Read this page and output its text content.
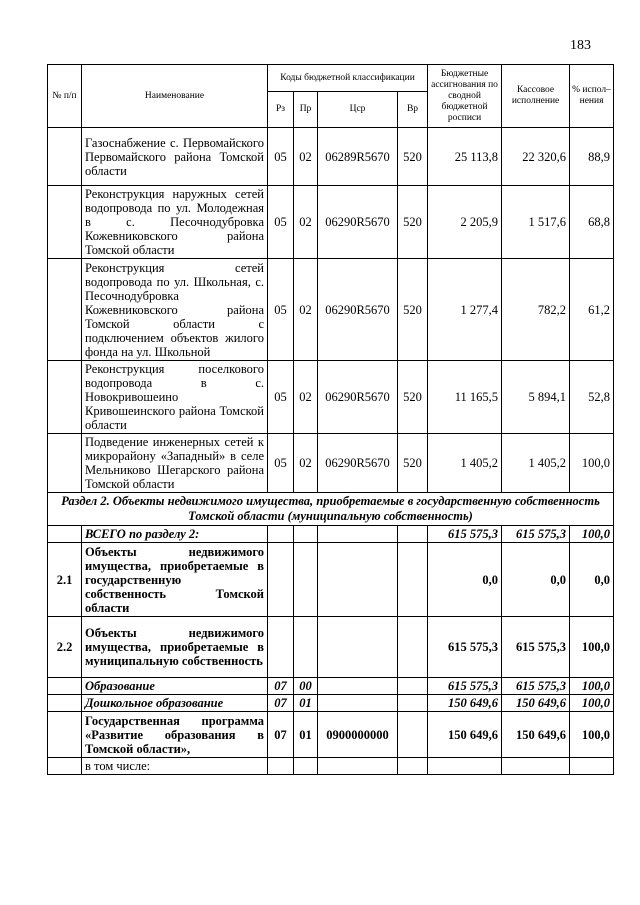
183
№ п/п	Наименование	Коды бюджетной классификации				Бюджетные ассигнования по сводной бюджетной росписи	Кассовое исполнение	% испол–нения
		Рз	Пр	Цср	Вр			
	Газоснабжение с. Первомайского Первомайского района Томской области	05	02	06289R5670	520	25 113,8	22 320,6	88,9
	Реконструкция наружных сетей водопровода по ул. Молодежная в с. Песочнодубровка Кожевниковского района Томской области	05	02	06290R5670	520	2 205,9	1 517,6	68,8
	Реконструкция сетей водопровода по ул. Школьная, с. Песочнодубровка Кожевниковского района Томской области с подключением объектов жилого фонда на ул. Школьной	05	02	06290R5670	520	1 277,4	782,2	61,2
	Реконструкция поселкового водопровода в с. Новокривошеино Кривошеинского района Томской области	05	02	06290R5670	520	11 165,5	5 894,1	52,8
	Подведение инженерных сетей к микрорайону «Западный» в селе Мельниково Шегарского района Томской области	05	02	06290R5670	520	1 405,2	1 405,2	100,0
Раздел 2. Объекты недвижимого имущества, приобретаемые в государственную собственность Томской области (муниципальную собственность)								
	ВСЕГО по разделу 2:					615 575,3	615 575,3	100,0
2.1	Объекты недвижимого имущества, приобретаемые в государственную собственность Томской области					0,0	0,0	0,0
2.2	Объекты недвижимого имущества, приобретаемые в муниципальную собственность					615 575,3	615 575,3	100,0
	Образование	07	00			615 575,3	615 575,3	100,0
	Дошкольное образование	07	01			150 649,6	150 649,6	100,0
	Государственная программа «Развитие образования в Томской области»,	07	01	0900000000		150 649,6	150 649,6	100,0
	в том числе:							
